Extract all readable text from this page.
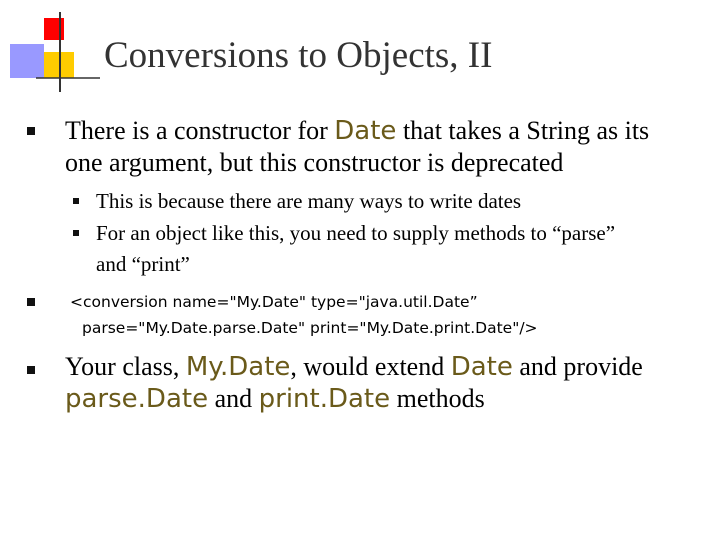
Conversions to Objects, II

There is a constructor for Date that takes a String as its

one argument, but this constructor is deprecated

This is because there are many ways to write dates

For an object like this, you need to supply methods to “parse”

and “print”

<conversion name="My.Date" type="java.util.Date”

parse="My.Date.parse.Date" print="My.Date.print.Date"/>

Your class, My.Date, would extend Date and provide

parse.Date and print.Date methods
